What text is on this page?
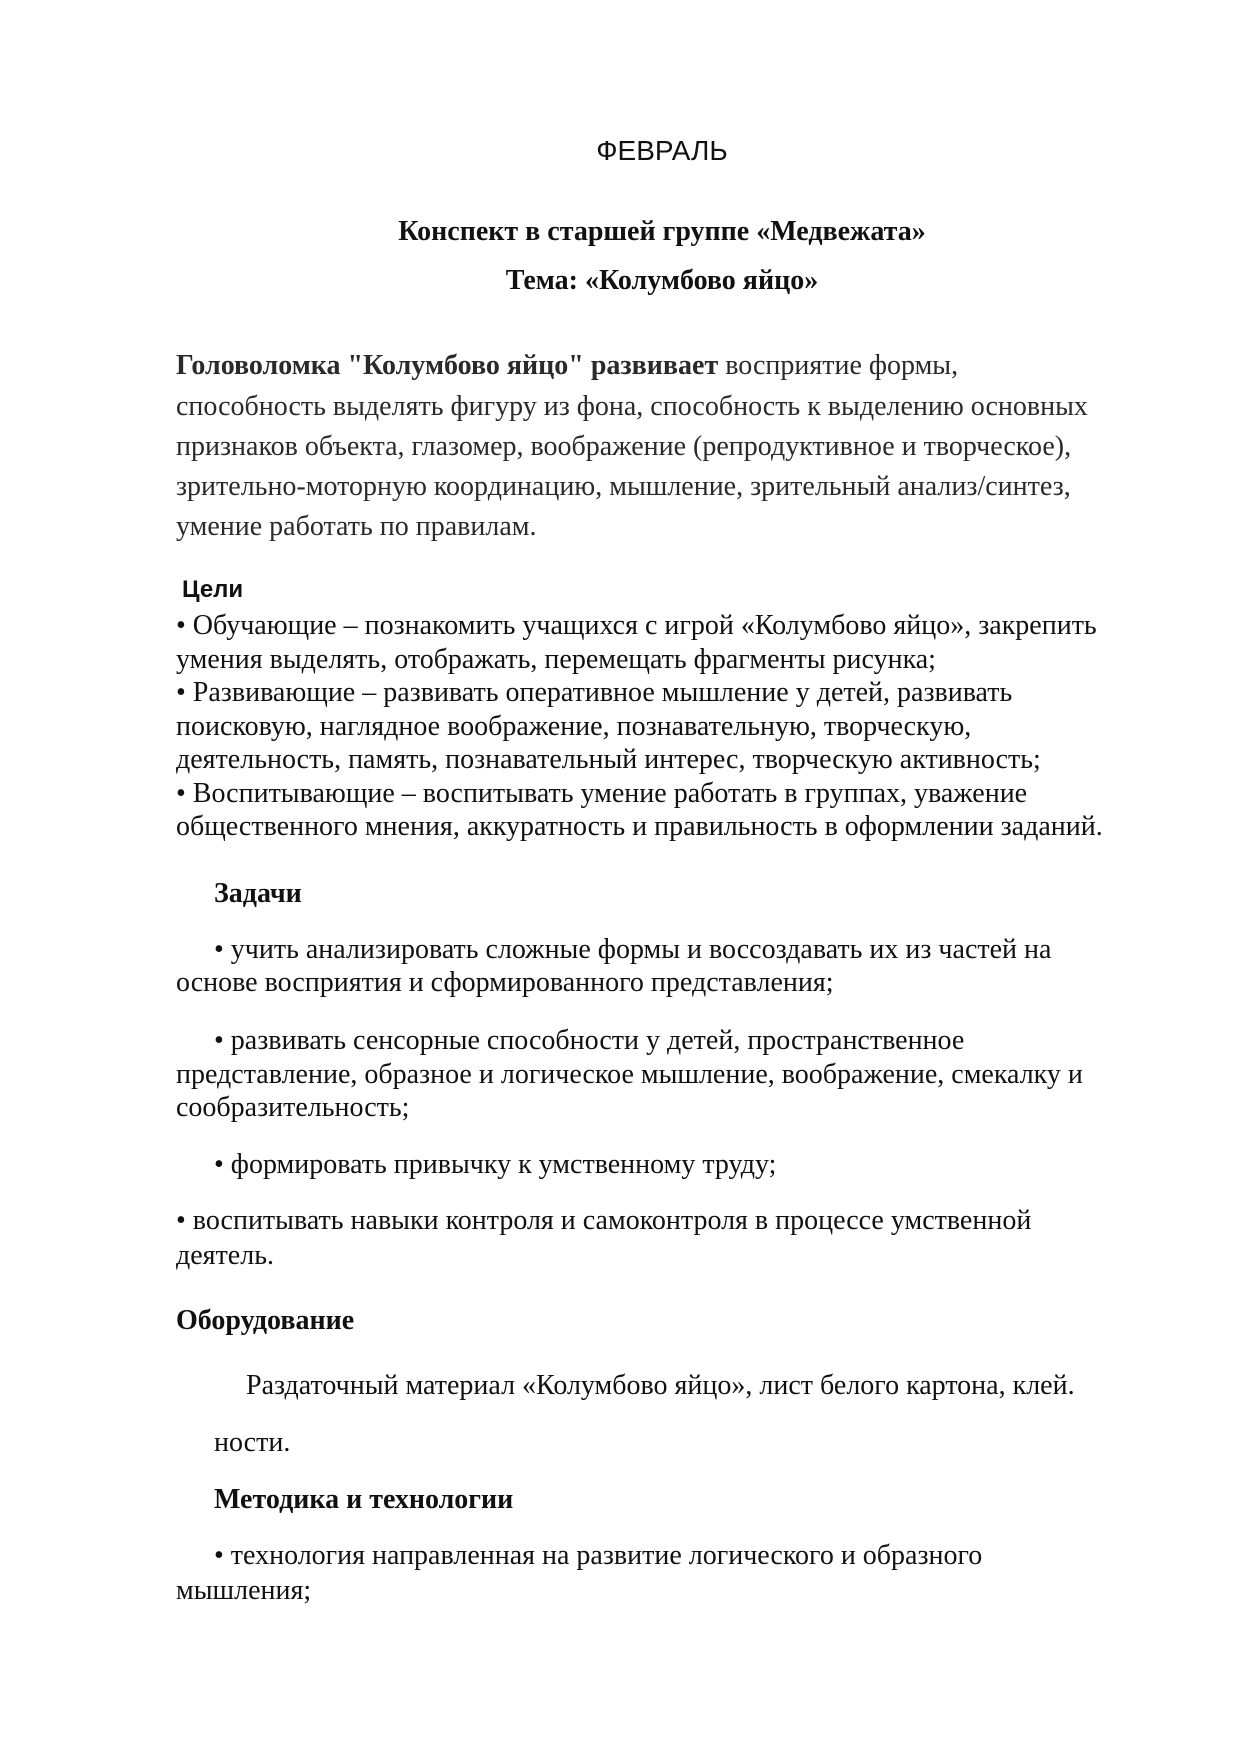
ФЕВРАЛЬ
Конспект в старшей группе «Медвежата»
Тема: «Колумбово яйцо»
Головоломка "Колумбово яйцо" развивает восприятие формы,
способность выделять фигуру из фона, способность к выделению основных
признаков объекта, глазомер, воображение (репродуктивное и творческое),
зрительно-моторную координацию, мышление, зрительный анализ/синтез,
умение работать по правилам.
Цели
• Обучающие – познакомить учащихся с игрой «Колумбово яйцо», закрепить
умения выделять, отображать, перемещать фрагменты рисунка;
• Развивающие – развивать оперативное мышление у детей, развивать
поисковую, наглядное воображение, познавательную, творческую,
деятельность, память, познавательный интерес, творческую активность;
• Воспитывающие – воспитывать умение работать в группах, уважение
общественного мнения, аккуратность и правильность в оформлении заданий.
Задачи
• учить анализировать сложные формы и воссоздавать их из частей на
основе восприятия и сформированного представления;
• развивать сенсорные способности у детей, пространственное
представление, образное и логическое мышление, воображение, смекалку и
сообразительность;
• формировать привычку к умственному труду;
• воспитывать навыки контроля и самоконтроля в процессе умственной
деятель.
Оборудование
Раздаточный материал «Колумбово яйцо», лист белого картона, клей.
ности.
Методика и технологии
• технология направленная на развитие логического и образного
мышления;
